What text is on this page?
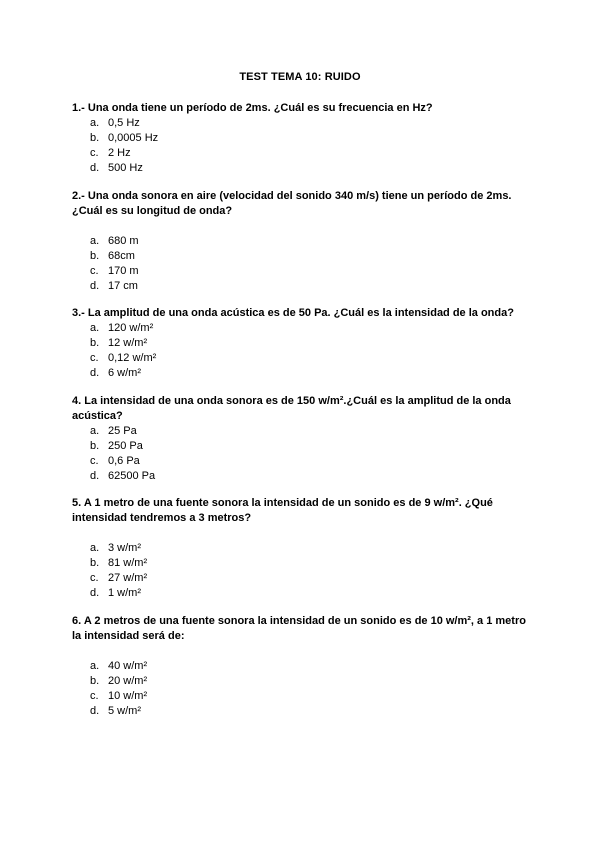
TEST TEMA 10: RUIDO
1.- Una onda tiene un período de 2ms. ¿Cuál es su frecuencia en Hz?
a. 0,5 Hz
b. 0,0005 Hz
c. 2 Hz
d. 500 Hz
2.- Una onda sonora en aire (velocidad del sonido 340 m/s) tiene un período de 2ms. ¿Cuál es su longitud de onda?
a. 680 m
b. 68cm
c. 170 m
d. 17 cm
3.- La amplitud de una onda acústica es de 50 Pa. ¿Cuál es la intensidad de la onda?
a. 120 w/m²
b. 12 w/m²
c. 0,12 w/m²
d. 6 w/m²
4. La intensidad de una onda sonora es de 150 w/m².¿Cuál es la amplitud de la onda acústica?
a. 25 Pa
b. 250 Pa
c. 0,6 Pa
d. 62500 Pa
5. A 1 metro de una fuente sonora la intensidad de un sonido es de 9 w/m². ¿Qué intensidad tendremos a 3 metros?
a. 3 w/m²
b. 81 w/m²
c. 27 w/m²
d. 1 w/m²
6. A 2 metros de una fuente sonora la intensidad de un sonido es de 10 w/m², a 1 metro la intensidad será de:
a. 40 w/m²
b. 20 w/m²
c. 10 w/m²
d. 5 w/m²
